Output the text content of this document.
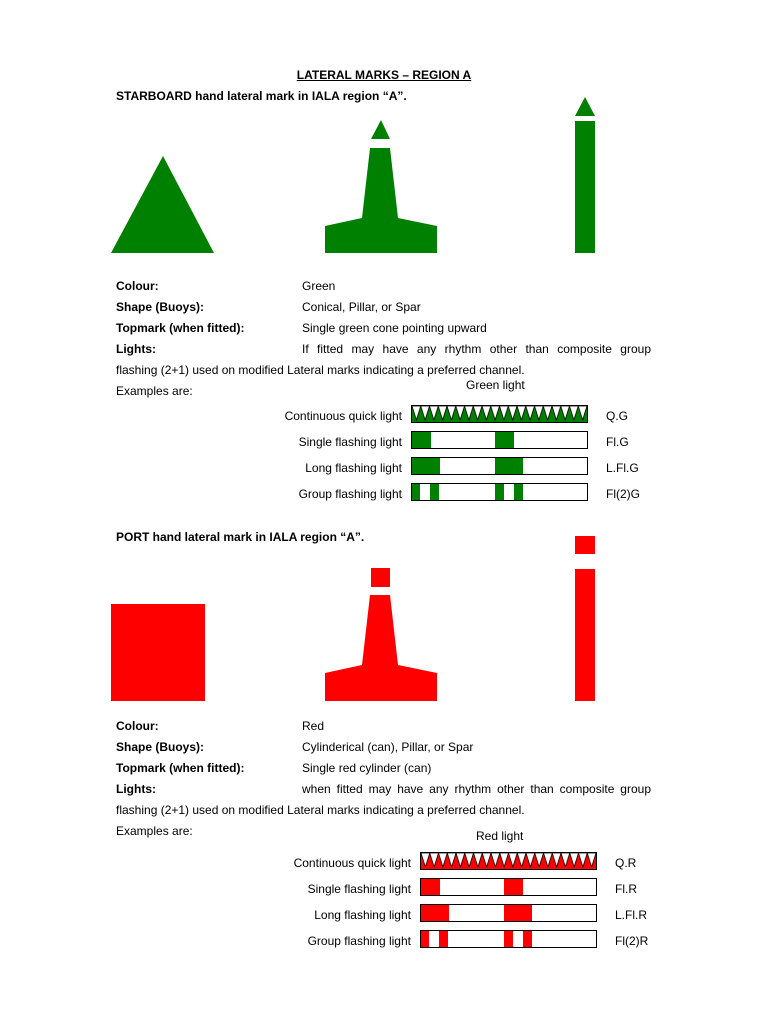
LATERAL MARKS – REGION A
STARBOARD hand lateral mark in IALA region “A”.
Colour:	Green
Shape (Buoys):	Conical, Pillar, or Spar
Topmark (when fitted):	Single green cone pointing upward
Lights:	If fitted may have any rhythm other than composite group
flashing (2+1) used on modified Lateral marks indicating a preferred channel.
Examples are:	Green light
Continuous quick light	Q.G
Single flashing light	Fl.G
Long flashing light	L.Fl.G
Group flashing light	Fl(2)G
PORT hand lateral mark in IALA region “A”.
Colour:	Red
Shape (Buoys):	Cylinderical (can), Pillar, or Spar
Topmark (when fitted):	Single red cylinder (can)
Lights:	when fitted may have any rhythm other than composite group
flashing (2+1) used on modified Lateral marks indicating a preferred channel.
Examples are:	Red light
Continuous quick light	Q.R
Single flashing light	Fl.R
Long flashing light	L.Fl.R
Group flashing light	Fl(2)R
